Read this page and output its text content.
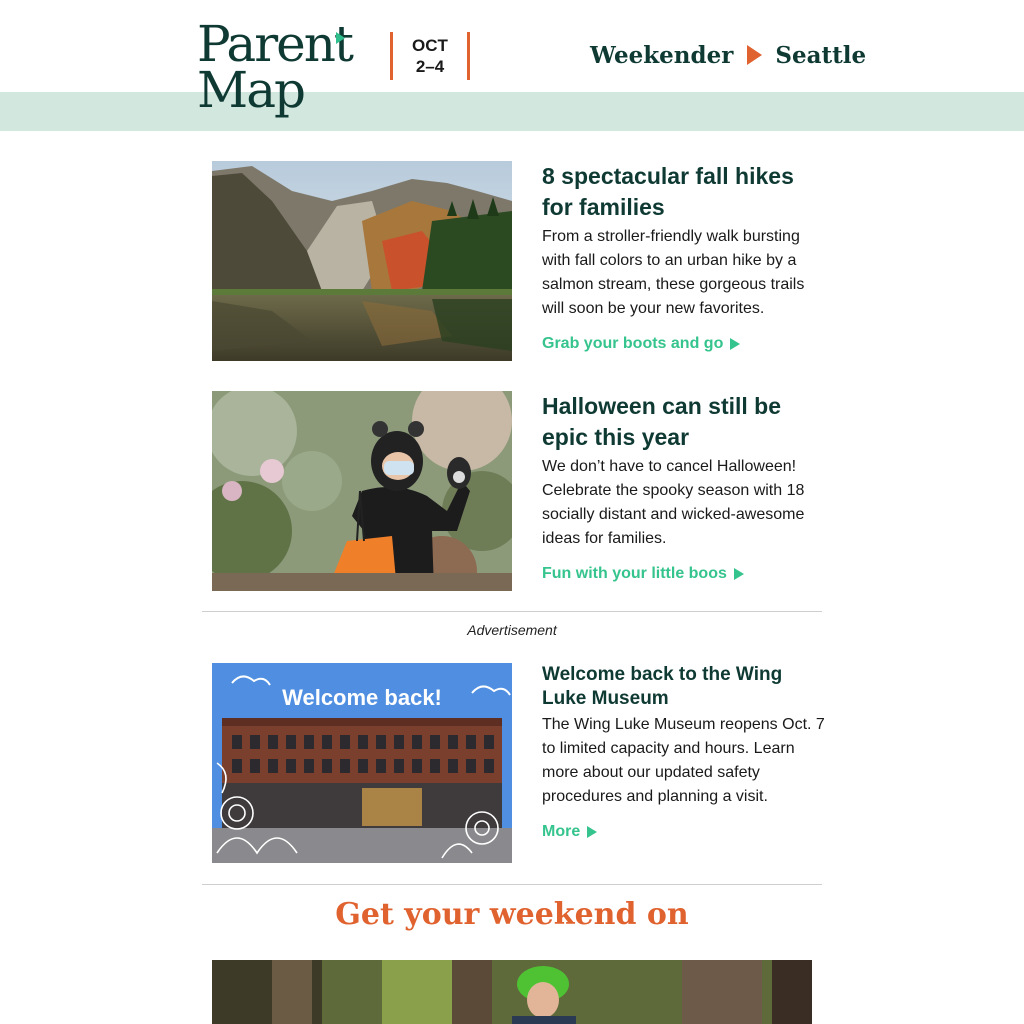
Parent
Map
OCT
2–4	Weekender Seattle
8 spectacular fall hikes for families
From a stroller-friendly walk bursting with fall colors to an urban hike by a salmon stream, these gorgeous trails will soon be your new favorites.
Grab your boots and go
Halloween can still be epic this year
We don’t have to cancel Halloween! Celebrate the spooky season with 18 socially distant and wicked-awesome ideas for families.
Fun with your little boos
Advertisement
Welcome back!
Welcome back to the Wing Luke Museum
The Wing Luke Museum reopens Oct. 7 to limited capacity and hours. Learn more about our updated safety procedures and planning a visit.
More
Get your weekend on
